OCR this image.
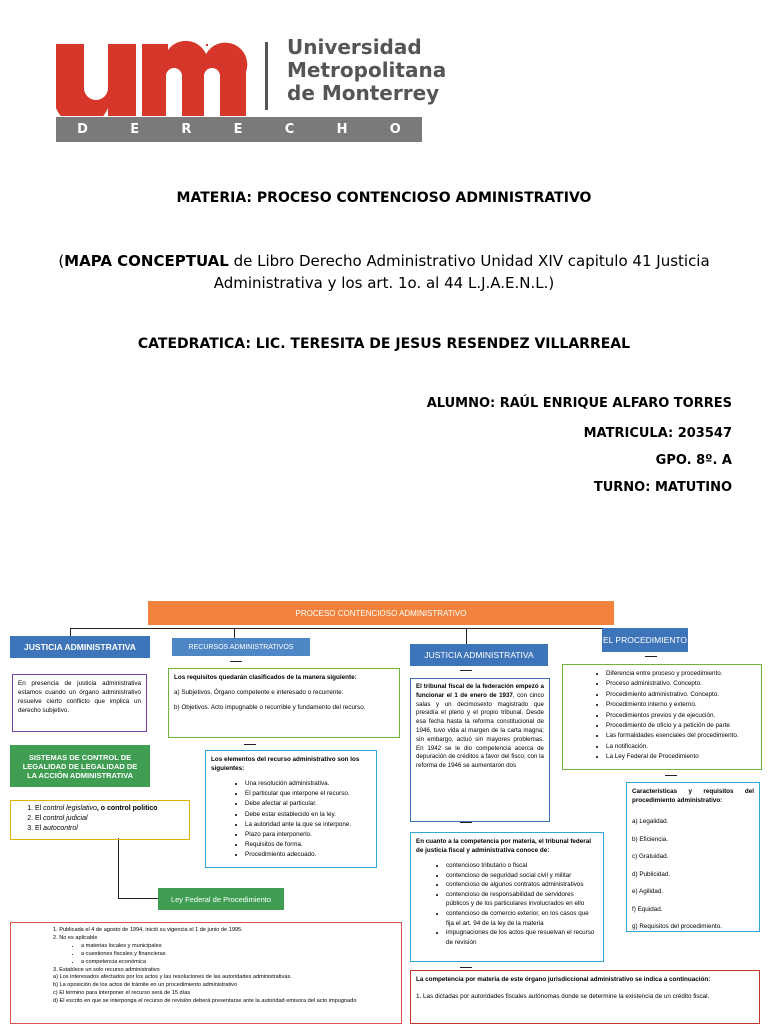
Universidad
Metropolitana
de Monterrey
D	E	R	E	C	H	O
MATERIA: PROCESO CONTENCIOSO ADMINISTRATIVO
(MAPA CONCEPTUAL de Libro Derecho Administrativo Unidad XIV capitulo 41 Justicia
Administrativa y los art. 1o. al 44 L.J.A.E.N.L.)
CATEDRATICA: LIC. TERESITA DE JESUS RESENDEZ VILLARREAL
ALUMNO: RAÚL ENRIQUE ALFARO TORRES
MATRICULA: 203547
GPO. 8º. A
TURNO: MATUTINO
PROCESO CONTENCIOSO ADMINISTRATIVO
JUSTICIA ADMINISTRATIVA
En presencia de justicia administrativa estamos cuando un órgano administrativo resuelve cierto conflicto que implica un derecho subjetivo.
SISTEMAS DE CONTROL DE LEGALIDAD DE LEGALIDAD DE LA ACCIÓN ADMINISTRATIVA
1. El control legislativo, o control politico
2. El control judicial
3. El autocontrol
Ley Federal de Procedimiento
1. Publicada el 4 de agosto de 1994, inició su vigencia el 1 de junio de 1995.
2. No es aplicable
• a materias locales y municipales
• a cuestiones fiscales y financieras
• a competencia económica
3. Establece un solo recurso administrativo
a) Los interesados afectados por los actos y las resoluciones de las autoridades administrativas.
b) La oposición de los actos de trámite en un procedimiento administrativo
c) El término para interponer el recurso será de 15 días
d) El escrito en que se interponga el recurso de revisión deberá presentarse ante la autoridad emisora del acto impugnado
RECURSOS ADMINISTRATIVOS
Los requisitos quedarán clasificados de la manera siguiente:
a) Subjetivos. Órgano competente e interesado o recurrente.
b) Objetivos. Acto impugnable o recurrible y fundamento del recurso.
Los elementos del recurso administrativo son los siguientes:
• Una resolución administrativa.
• El particular que interpone el recurso.
• Debe afectar al particular.
• Debe estar establecido en la ley.
• La autoridad ante la que se interpone.
• Plazo para interponerlo.
• Requisitos de forma.
• Procedimiento adecuado.
JUSTICIA ADMINISTRATIVA
El tribunal fiscal de la federación empezó a funcionar el 1 de enero de 1937, con cinco salas y un decimosexto magistrado que presidía el pleno y el propio tribunal. Desde esa fecha hasta la reforma constitucional de 1946, tuvo vida al margen de la carta magna; sin embargo, actuó sin mayores problemas. En 1942 se le dio competencia acerca de depuración de créditos a favor del fisco; con la reforma de 1946 se aumentaron dos
En cuanto a la competencia por materia, el tribunal federal de justicia fiscal y administrativa conoce de:
• contencioso tributario o fiscal
• contencioso de seguridad social civil y militar
• contencioso de algunos contratos administrativos
• contencioso de responsabilidad de servidores públicos y de los particulares involucrados en ello
• contencioso de comercio exterior, en los casos que fija el art. 94 de la ley de la materia
• impugnaciones de los actos que resuelvan el recurso de revisión
La competencia por materia de este órgano jurisdiccional administrativo se indica a continuación:
1. Las dictadas por autoridades fiscales autónomas donde se determine la existencia de un crédito fiscal.
EL PROCEDIMIENTO
• Diferencia entre proceso y procedimiento.
• Proceso administrativo. Concepto.
• Procedimiento administrativo. Concepto.
• Procedimiento interno y externo.
• Procedimientos previos y de ejecución.
• Procedimiento de oficio y a petición de parte
• Las formalidades esenciales del procedimiento.
• La notificación.
• La Ley Federal de Procedimiento
Características y requisitos del procedimiento administrativo:
a) Legalidad.
b) Eficiencia.
c) Gratuidad.
d) Publicidad.
e) Agilidad.
f) Equidad.
g) Requisitos del procedimiento.
